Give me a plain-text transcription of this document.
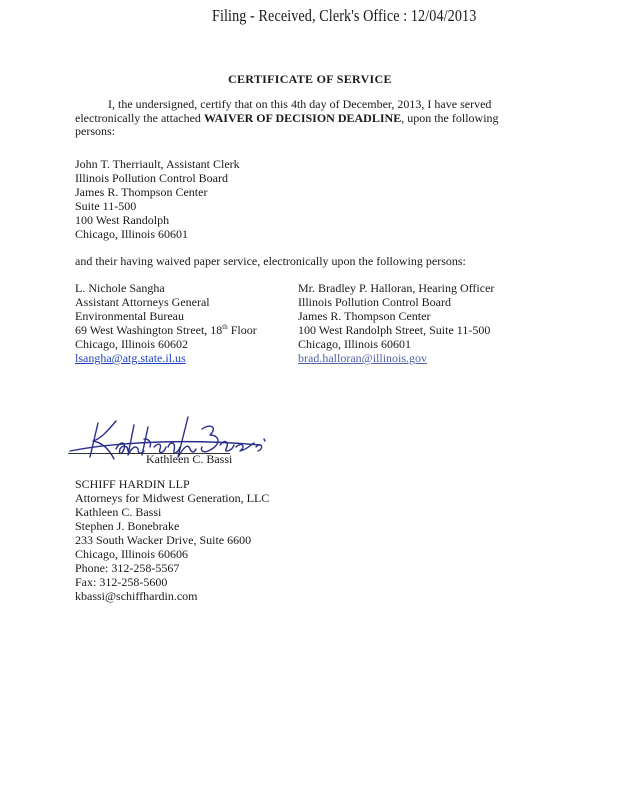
Filing - Received, Clerk's Office : 12/04/2013
CERTIFICATE OF SERVICE
I, the undersigned, certify that on this 4th day of December, 2013, I have served
electronically the attached WAIVER OF DECISION DEADLINE, upon the following
persons:
John T. Therriault, Assistant Clerk
Illinois Pollution Control Board
James R. Thompson Center
Suite 11-500
100 West Randolph
Chicago, Illinois 60601
and their having waived paper service, electronically upon the following persons:
L. Nichole Sangha
Assistant Attorneys General
Environmental Bureau
69 West Washington Street, 18th Floor
Chicago, Illinois 60602
lsangha@atg.state.il.us
Mr. Bradley P. Halloran, Hearing Officer
Illinois Pollution Control Board
James R. Thompson Center
100 West Randolph Street, Suite 11-500
Chicago, Illinois 60601
brad.halloran@illinois.gov
Kathleen C. Bassi
SCHIFF HARDIN LLP
Attorneys for Midwest Generation, LLC
Kathleen C. Bassi
Stephen J. Bonebrake
233 South Wacker Drive, Suite 6600
Chicago, Illinois 60606
Phone: 312-258-5567
Fax: 312-258-5600
kbassi@schiffhardin.com
